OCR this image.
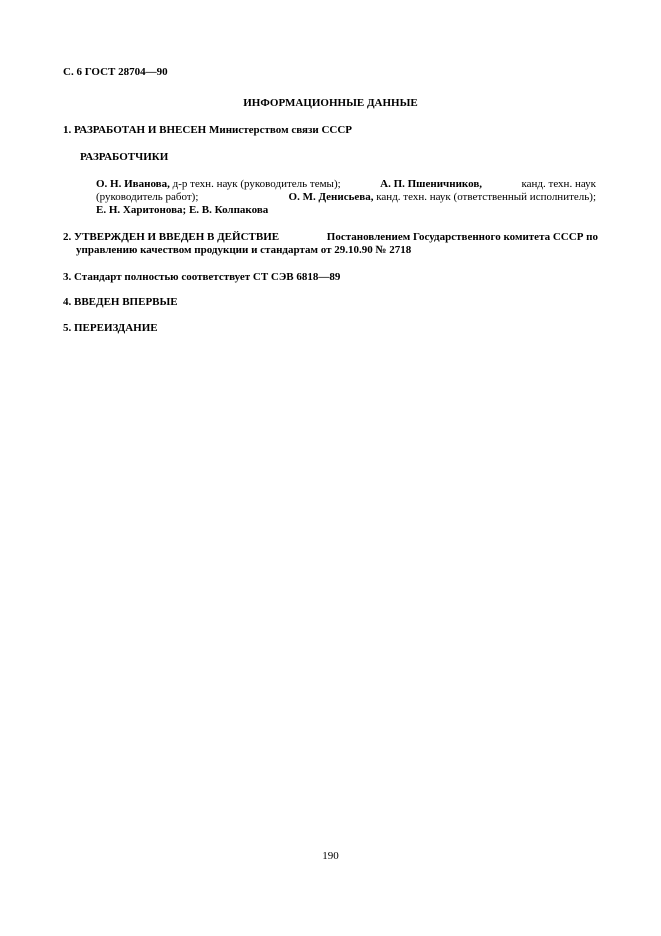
С. 6 ГОСТ 28704—90
ИНФОРМАЦИОННЫЕ ДАННЫЕ
1. РАЗРАБОТАН И ВНЕСЕН Министерством связи СССР
РАЗРАБОТЧИКИ
О. Н. Иванова, д-р техн. наук (руководитель темы);	А. П. Пшеничников,	канд. техн. наук
(руководитель работ);	О. М. Денисьева, канд. техн. наук (ответственный исполнитель);
Е. Н. Харитонова; Е. В. Колпакова
2. УТВЕРЖДЕН И ВВЕДЕН В ДЕЙСТВИЕ	Постановлением Государственного комитета СССР по
управлению качеством продукции и стандартам от 29.10.90 № 2718
3. Стандарт полностью соответствует СТ СЭВ 6818—89
4. ВВЕДЕН ВПЕРВЫЕ
5. ПЕРЕИЗДАНИЕ
190
